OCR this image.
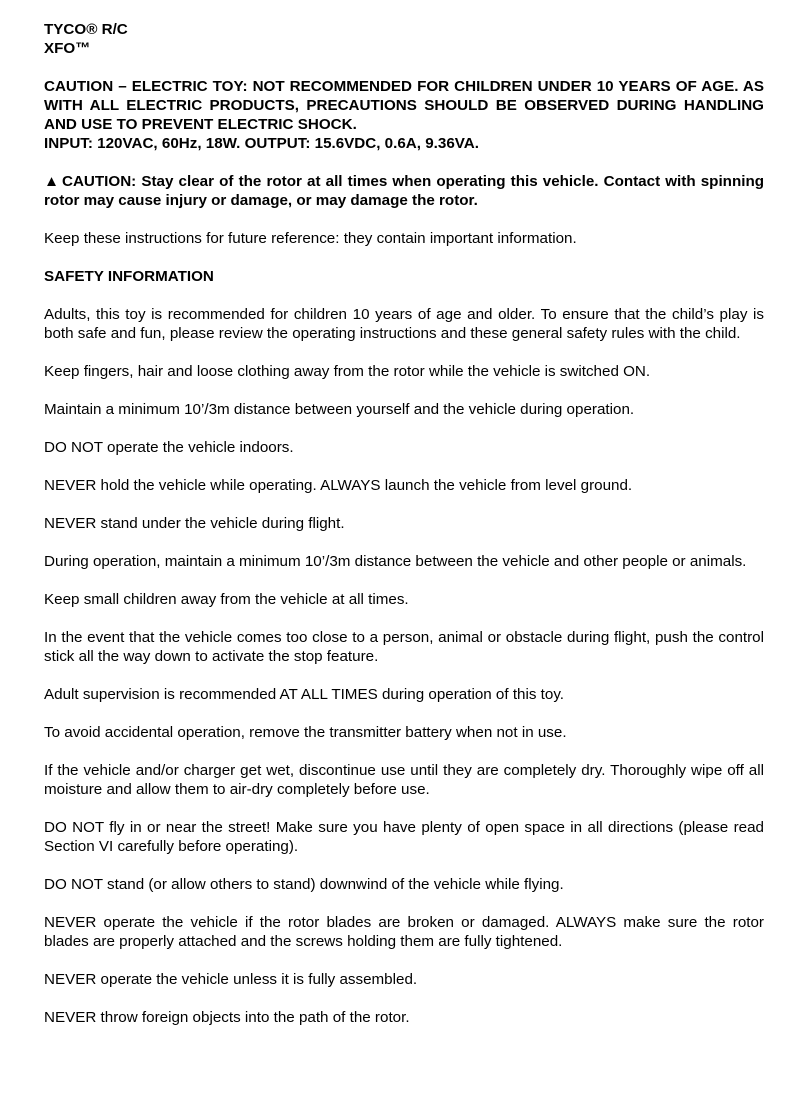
TYCO® R/C
XFO™
CAUTION – ELECTRIC TOY: NOT RECOMMENDED FOR CHILDREN UNDER 10 YEARS OF AGE. AS WITH ALL ELECTRIC PRODUCTS, PRECAUTIONS SHOULD BE OBSERVED DURING HANDLING AND USE TO PREVENT ELECTRIC SHOCK.
INPUT: 120VAC, 60Hz, 18W. OUTPUT: 15.6VDC, 0.6A, 9.36VA.
▲ CAUTION: Stay clear of the rotor at all times when operating this vehicle. Contact with spinning rotor may cause injury or damage, or may damage the rotor.
Keep these instructions for future reference: they contain important information.
SAFETY INFORMATION
Adults, this toy is recommended for children 10 years of age and older. To ensure that the child’s play is both safe and fun, please review the operating instructions and these general safety rules with the child.
Keep fingers, hair and loose clothing away from the rotor while the vehicle is switched ON.
Maintain a minimum 10’/3m distance between yourself and the vehicle during operation.
DO NOT operate the vehicle indoors.
NEVER hold the vehicle while operating. ALWAYS launch the vehicle from level ground.
NEVER stand under the vehicle during flight.
During operation, maintain a minimum 10’/3m distance between the vehicle and other people or animals.
Keep small children away from the vehicle at all times.
In the event that the vehicle comes too close to a person, animal or obstacle during flight, push the control stick all the way down to activate the stop feature.
Adult supervision is recommended AT ALL TIMES during operation of this toy.
To avoid accidental operation, remove the transmitter battery when not in use.
If the vehicle and/or charger get wet, discontinue use until they are completely dry. Thoroughly wipe off all moisture and allow them to air-dry completely before use.
DO NOT fly in or near the street! Make sure you have plenty of open space in all directions (please read Section VI carefully before operating).
DO NOT stand (or allow others to stand) downwind of the vehicle while flying.
NEVER operate the vehicle if the rotor blades are broken or damaged. ALWAYS make sure the rotor blades are properly attached and the screws holding them are fully tightened.
NEVER operate the vehicle unless it is fully assembled.
NEVER throw foreign objects into the path of the rotor.
